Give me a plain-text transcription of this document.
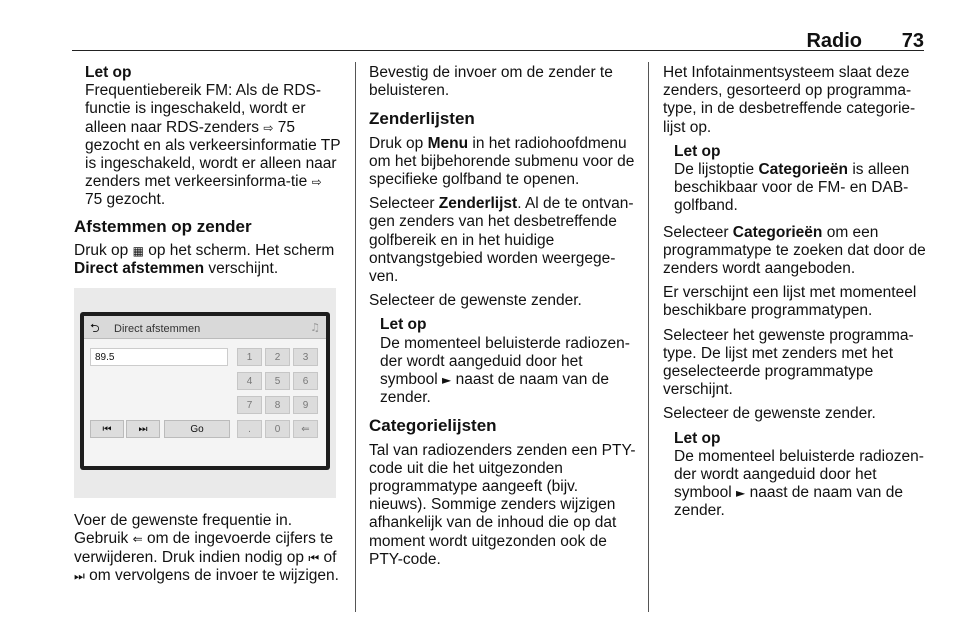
Radio 73
Let op
Frequentiebereik FM: Als de RDS-functie is ingeschakeld, wordt er alleen naar RDS-zenders ⇨ 75 gezocht en als verkeersinformatie TP is ingeschakeld, wordt er alleen naar zenders met verkeersinforma-tie ⇨ 75 gezocht.
Afstemmen op zender

Druk op ▦ op het scherm. Het scherm Direct afstemmen verschijnt.

⮌ Direct afstemmen	♫
89.5
⏮	⏭	Go
1	2	3
4	5	6
7	8	9
.	0	⇐

Voer de gewenste frequentie in. Gebruik ⇐ om de ingevoerde cijfers te verwijderen. Druk indien nodig op ⏮ of ⏭ om vervolgens de invoer te wijzigen.

Bevestig de invoer om de zender te beluisteren.

Zenderlijsten

Druk op Menu in het radiohoofdmenu om het bijbehorende submenu voor de specifieke golfband te openen.

Selecteer Zenderlijst. Al de te ontvan-gen zenders van het desbetreffende golfbereik en in het huidige ontvangstgebied worden weergege-ven.

Selecteer de gewenste zender.

Let op
De momenteel beluisterde radiozen-der wordt aangeduid door het symbool ► naast de naam van de zender.
Categorielijsten

Tal van radiozenders zenden een PTY-code uit die het uitgezonden programmatype aangeeft (bijv. nieuws). Sommige zenders wijzigen afhankelijk van de inhoud die op dat moment wordt uitgezonden ook de PTY-code.

Het Infotainmentsysteem slaat deze zenders, gesorteerd op programma-type, in de desbetreffende categorie-lijst op.

Let op
De lijstoptie Categorieën is alleen beschikbaar voor de FM- en DAB-golfband.

Selecteer Categorieën om een programmatype te zoeken dat door de zenders wordt aangeboden.

Er verschijnt een lijst met momenteel beschikbare programmatypen.

Selecteer het gewenste programma-type. De lijst met zenders met het geselecteerde programmatype verschijnt.

Selecteer de gewenste zender.

Let op
De momenteel beluisterde radiozen-der wordt aangeduid door het symbool ► naast de naam van de zender.
